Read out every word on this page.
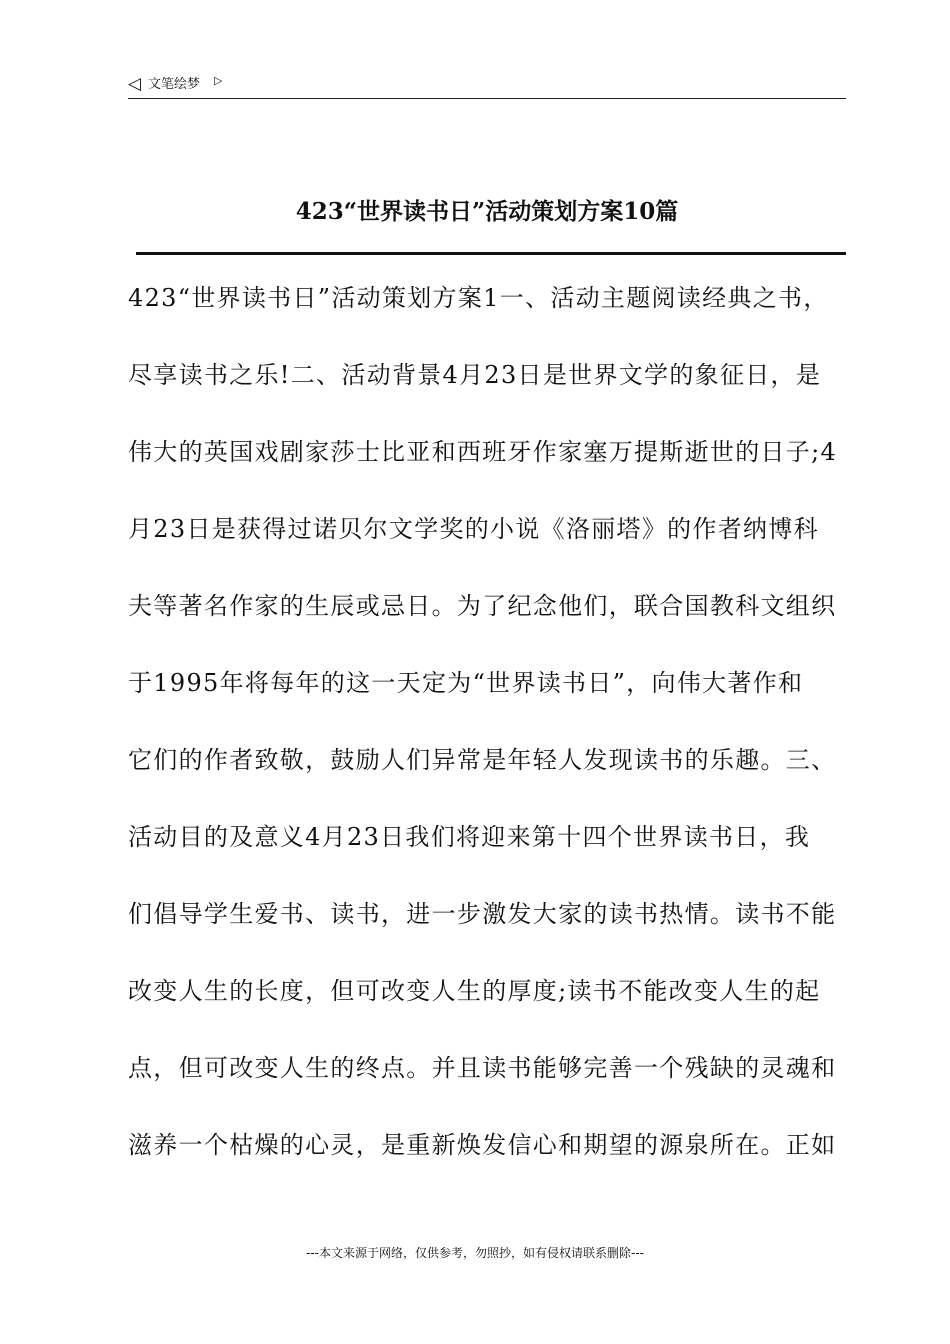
◁ 文笔绘梦 ▷
423“世界读书日”活动策划方案10篇
423“世界读书日”活动策划方案1一、活动主题阅读经典之书，
尽享读书之乐!二、活动背景4月23日是世界文学的象征日，是
伟大的英国戏剧家莎士比亚和西班牙作家塞万提斯逝世的日子;4
月23日是获得过诺贝尔文学奖的小说《洛丽塔》的作者纳博科
夫等著名作家的生辰或忌日。为了纪念他们，联合国教科文组织
于1995年将每年的这一天定为“世界读书日”，向伟大著作和
它们的作者致敬，鼓励人们异常是年轻人发现读书的乐趣。三、
活动目的及意义4月23日我们将迎来第十四个世界读书日，我
们倡导学生爱书、读书，进一步激发大家的读书热情。读书不能
改变人生的长度，但可改变人生的厚度;读书不能改变人生的起
点，但可改变人生的终点。并且读书能够完善一个残缺的灵魂和
滋养一个枯燥的心灵，是重新焕发信心和期望的源泉所在。正如
---本文来源于网络，仅供参考，勿照抄，如有侵权请联系删除---
